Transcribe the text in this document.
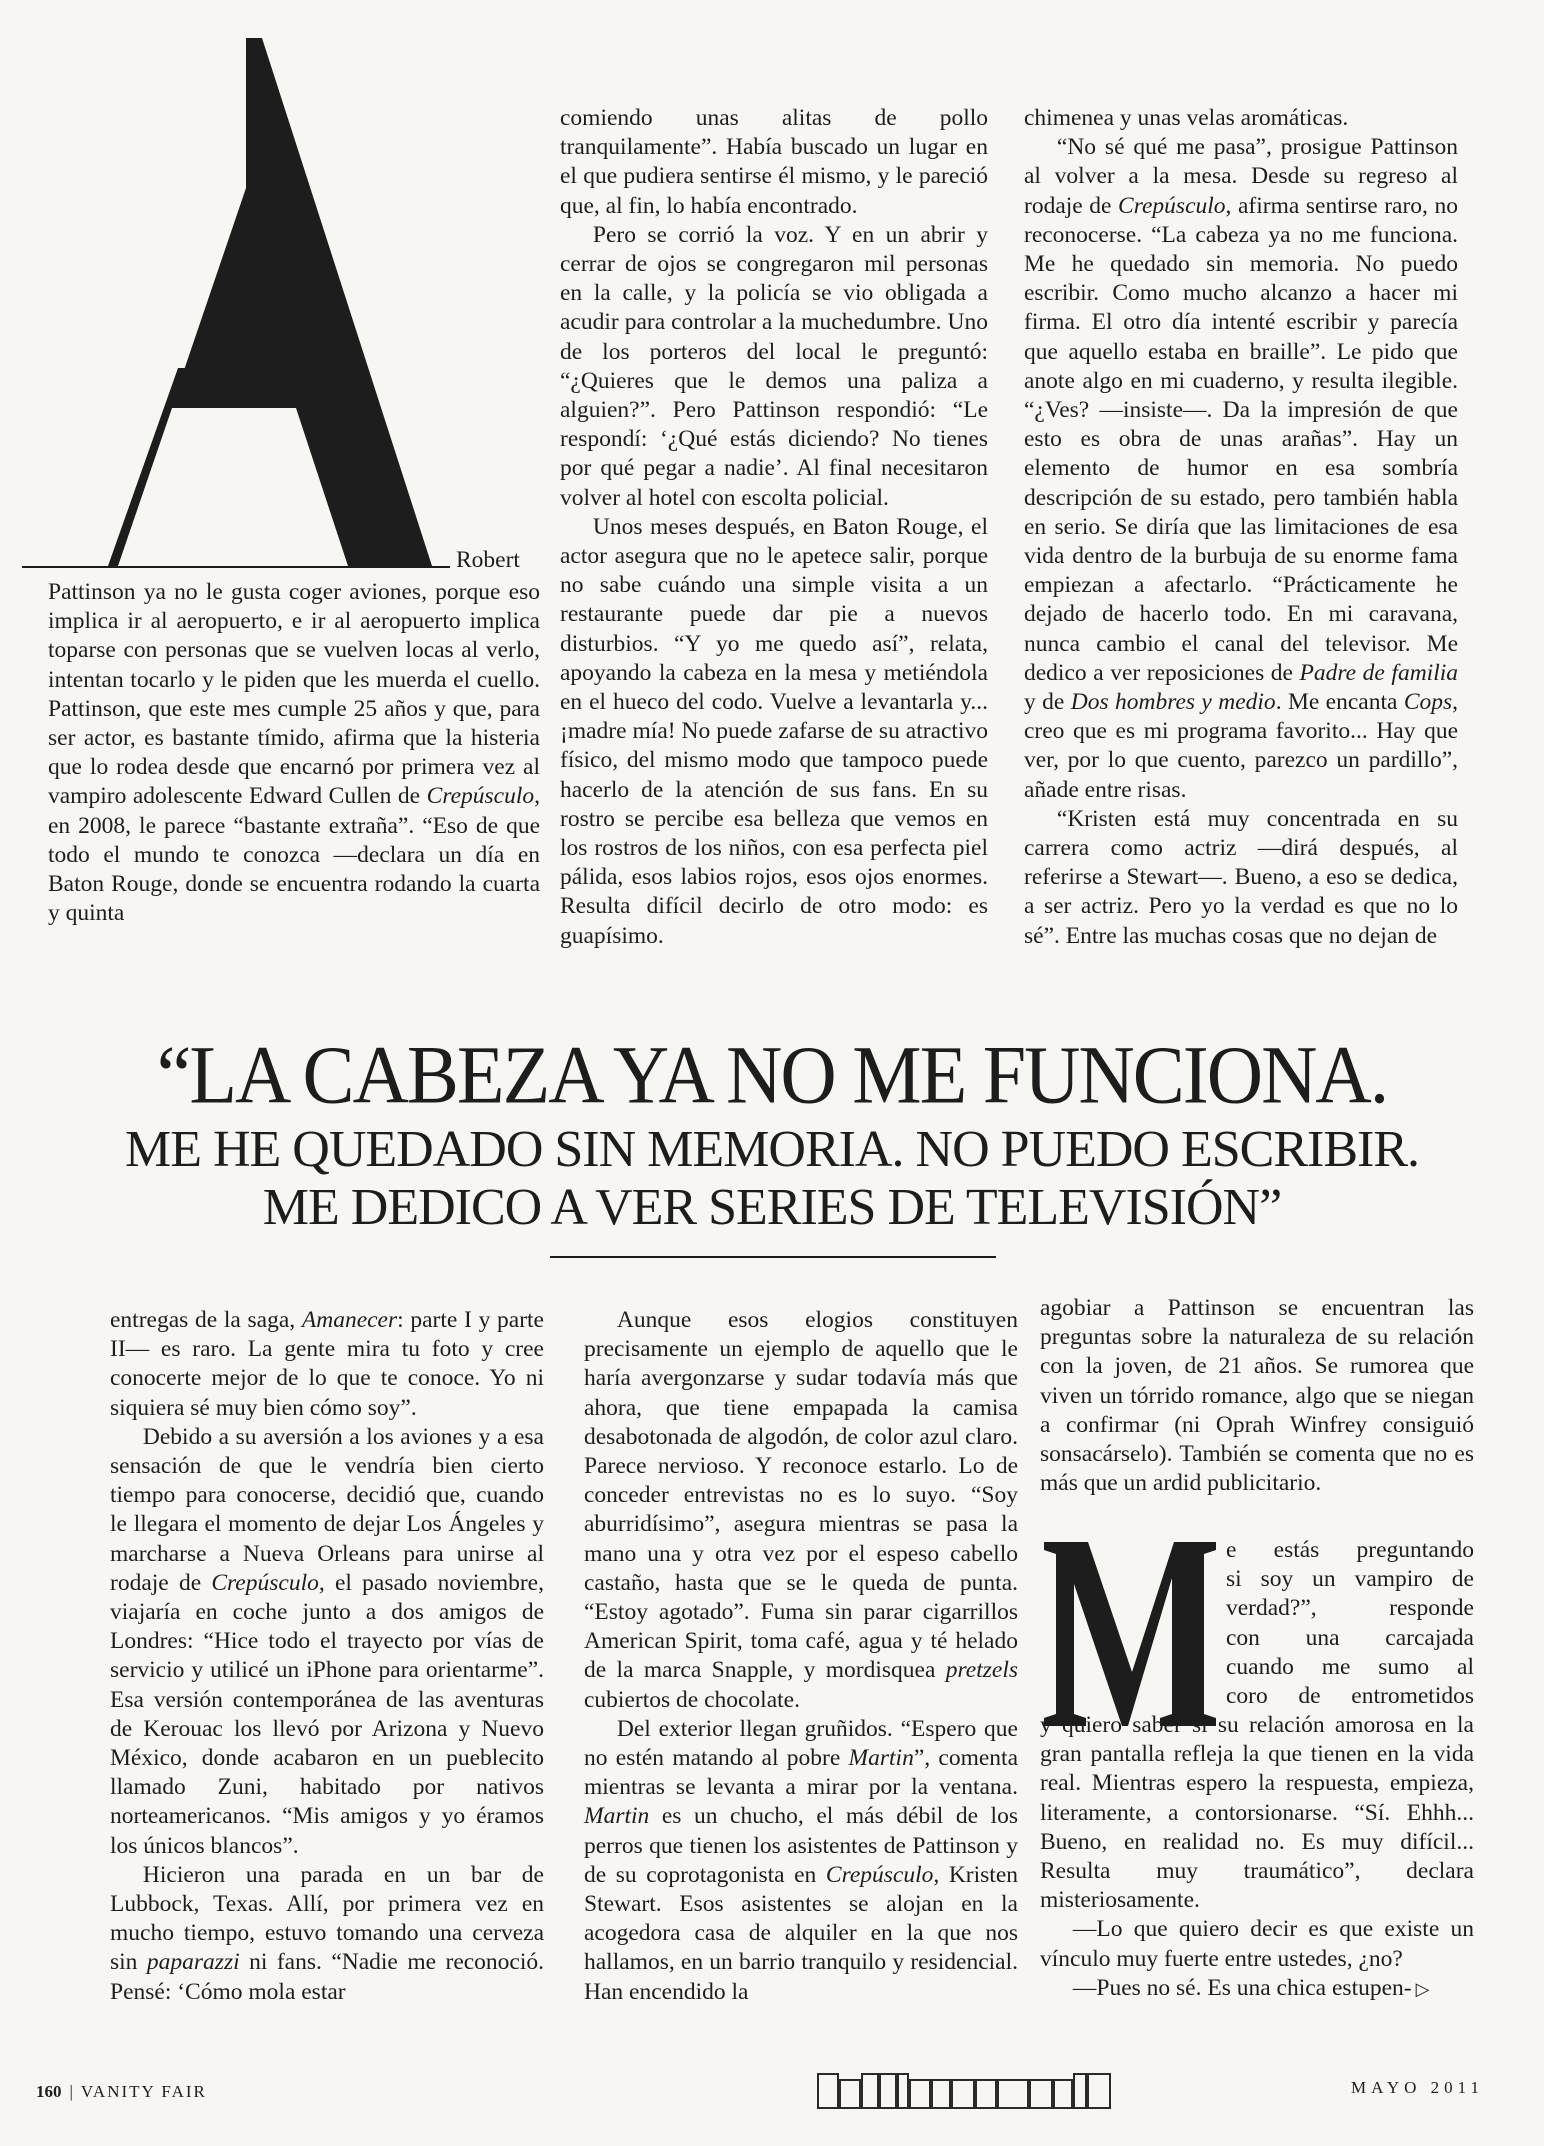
Robert

Pattinson ya no le gusta coger aviones, porque eso implica ir al aeropuerto, e ir al aeropuerto implica toparse con personas que se vuelven locas al verlo, intentan tocarlo y le piden que les muerda el cuello. Pattinson, que este mes cumple 25 años y que, para ser actor, es bastante tímido, afirma que la histeria que lo rodea desde que encarnó por primera vez al vampiro adolescente Edward Cullen de Crepúsculo, en 2008, le parece “bastante extraña”. “Eso de que todo el mundo te conozca —declara un día en Baton Rouge, donde se encuentra rodando la cuarta y quinta

comiendo unas alitas de pollo tranquilamente”. Había buscado un lugar en el que pudiera sentirse él mismo, y le pareció que, al fin, lo había encontrado.

Pero se corrió la voz. Y en un abrir y cerrar de ojos se congregaron mil personas en la calle, y la policía se vio obligada a acudir para controlar a la muchedumbre. Uno de los porteros del local le preguntó: “¿Quieres que le demos una paliza a alguien?”. Pero Pattinson respondió: “Le respondí: ‘¿Qué estás diciendo? No tienes por qué pegar a nadie’. Al final necesitaron volver al hotel con escolta policial.

Unos meses después, en Baton Rouge, el actor asegura que no le apetece salir, porque no sabe cuándo una simple visita a un restaurante puede dar pie a nuevos disturbios. “Y yo me quedo así”, relata, apoyando la cabeza en la mesa y metiéndola en el hueco del codo. Vuelve a levantarla y... ¡madre mía! No puede zafarse de su atractivo físico, del mismo modo que tampoco puede hacerlo de la atención de sus fans. En su rostro se percibe esa belleza que vemos en los rostros de los niños, con esa perfecta piel pálida, esos labios rojos, esos ojos enormes. Resulta difícil decirlo de otro modo: es guapísimo.

chimenea y unas velas aromáticas.

“No sé qué me pasa”, prosigue Pattinson al volver a la mesa. Desde su regreso al rodaje de Crepúsculo, afirma sentirse raro, no reconocerse. “La cabeza ya no me funciona. Me he quedado sin memoria. No puedo escribir. Como mucho alcanzo a hacer mi firma. El otro día intenté escribir y parecía que aquello estaba en braille”. Le pido que anote algo en mi cuaderno, y resulta ilegible. “¿Ves? —insiste—. Da la impresión de que esto es obra de unas arañas”. Hay un elemento de humor en esa sombría descripción de su estado, pero también habla en serio. Se diría que las limitaciones de esa vida dentro de la burbuja de su enorme fama empiezan a afectarlo. “Prácticamente he dejado de hacerlo todo. En mi caravana, nunca cambio el canal del televisor. Me dedico a ver reposiciones de Padre de familia y de Dos hombres y medio. Me encanta Cops, creo que es mi programa favorito... Hay que ver, por lo que cuento, parezco un pardillo”, añade entre risas.

“Kristen está muy concentrada en su carrera como actriz —dirá después, al referirse a Stewart—. Bueno, a eso se dedica, a ser actriz. Pero yo la verdad es que no lo sé”. Entre las muchas cosas que no dejan de

“LA CABEZA YA NO ME FUNCIONA.
ME HE QUEDADO SIN MEMORIA. NO PUEDO ESCRIBIR.
ME DEDICO A VER SERIES DE TELEVISIÓN”

entregas de la saga, Amanecer: parte I y parte II— es raro. La gente mira tu foto y cree conocerte mejor de lo que te conoce. Yo ni siquiera sé muy bien cómo soy”.

Debido a su aversión a los aviones y a esa sensación de que le vendría bien cierto tiempo para conocerse, decidió que, cuando le llegara el momento de dejar Los Ángeles y marcharse a Nueva Orleans para unirse al rodaje de Crepúsculo, el pasado noviembre, viajaría en coche junto a dos amigos de Londres: “Hice todo el trayecto por vías de servicio y utilicé un iPhone para orientarme”. Esa versión contemporánea de las aventuras de Kerouac los llevó por Arizona y Nuevo México, donde acabaron en un pueblecito llamado Zuni, habitado por nativos norteamericanos. “Mis amigos y yo éramos los únicos blancos”.

Hicieron una parada en un bar de Lubbock, Texas. Allí, por primera vez en mucho tiempo, estuvo tomando una cerveza sin paparazzi ni fans. “Nadie me reconoció. Pensé: ‘Cómo mola estar

Aunque esos elogios constituyen precisamente un ejemplo de aquello que le haría avergonzarse y sudar todavía más que ahora, que tiene empapada la camisa desabotonada de algodón, de color azul claro. Parece nervioso. Y reconoce estarlo. Lo de conceder entrevistas no es lo suyo. “Soy aburridísimo”, asegura mientras se pasa la mano una y otra vez por el espeso cabello castaño, hasta que se le queda de punta. “Estoy agotado”. Fuma sin parar cigarrillos American Spirit, toma café, agua y té helado de la marca Snapple, y mordisquea pretzels cubiertos de chocolate.

Del exterior llegan gruñidos. “Espero que no estén matando al pobre Martin”, comenta mientras se levanta a mirar por la ventana. Martin es un chucho, el más débil de los perros que tienen los asistentes de Pattinson y de su coprotagonista en Crepúsculo, Kristen Stewart. Esos asistentes se alojan en la acogedora casa de alquiler en la que nos hallamos, en un barrio tranquilo y residencial. Han encendido la

agobiar a Pattinson se encuentran las preguntas sobre la naturaleza de su relación con la joven, de 21 años. Se rumorea que viven un tórrido romance, algo que se niegan a confirmar (ni Oprah Winfrey consiguió sonsacárselo). También se comenta que no es más que un ardid publicitario.

e estás preguntando

si soy un vampiro de

verdad?”, responde

con una carcajada

cuando me sumo al

coro de entrometidos

y quiero saber si su relación amorosa en la gran pantalla refleja la que tienen en la vida real. Mientras espero la respuesta, empieza, literamente, a contorsionarse. “Sí. Ehhh... Bueno, en realidad no. Es muy difícil... Resulta muy traumático”, declara misteriosamente.

—Lo que quiero decir es que existe un vínculo muy fuerte entre ustedes, ¿no?

—Pues no sé. Es una chica estupen- ▷

160 | VANITY FAIR	MAYO 2011
